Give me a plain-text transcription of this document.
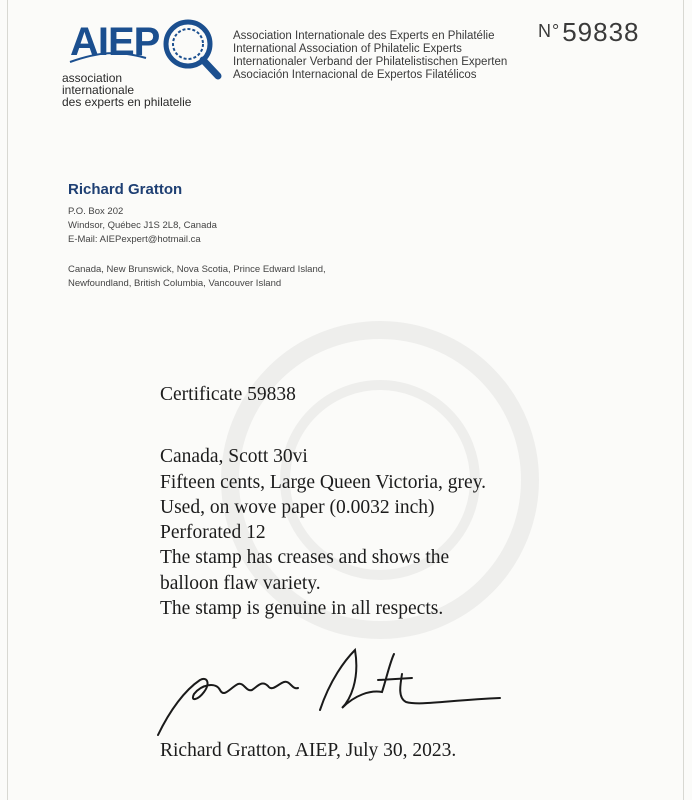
AIEP
association
internationale
des experts en philatelie
Association Internationale des Experts en Philatélie
International Association of Philatelic Experts
Internationaler Verband der Philatelistischen Experten
Asociación Internacional de Expertos Filatélicos
$^{N^\circ}$59838
Richard Gratton
P.O. Box 202
Windsor, Québec J1S 2L8, Canada
E-Mail: AIEPexpert@hotmail.ca
Canada, New Brunswick, Nova Scotia, Prince Edward Island,
Newfoundland, British Columbia, Vancouver Island
Certificate 59838
Canada, Scott 30vi
Fifteen cents, Large Queen Victoria, grey.
Used, on wove paper (0.0032 inch)
Perforated 12
The stamp has creases and shows the
balloon flaw variety.
The stamp is genuine in all respects.
Richard Gratton, AIEP, July 30, 2023.
